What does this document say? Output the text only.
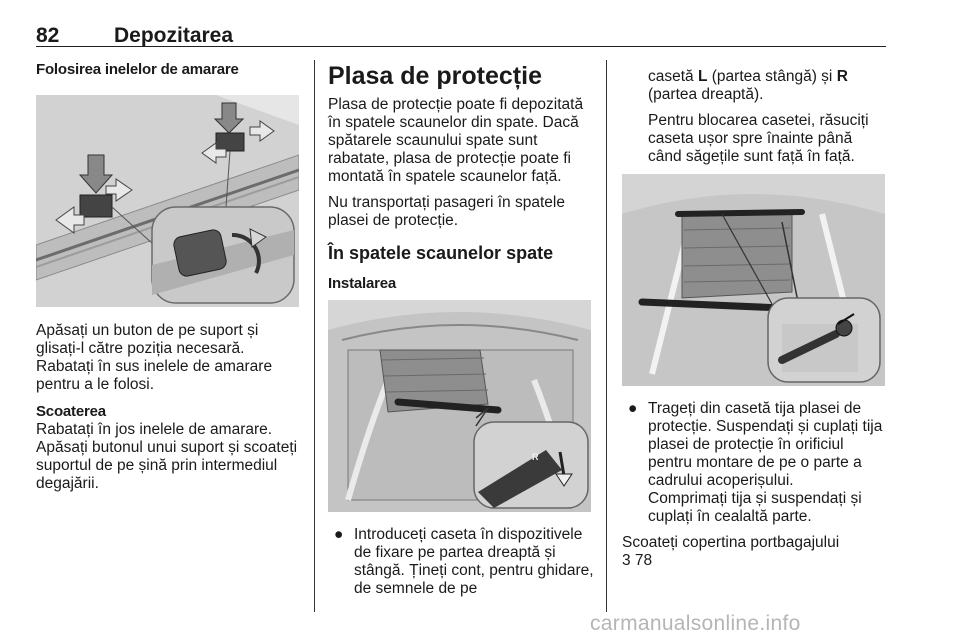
82	Depozitarea
Folosirea inelelor de amarare

Apăsați un buton de pe suport și glisați-l către poziția necesară. Rabatați în sus inelele de amarare pentru a le folosi.

Scoaterea

Rabatați în jos inelele de amarare. Apăsați butonul unui suport și scoateți suportul de pe șină prin intermediul degajării.

Plasa de protecție

Plasa de protecție poate fi depozitată în spatele scaunelor din spate. Dacă spătarele scaunului spate sunt rabatate, plasa de protecție poate fi montată în spatele scaunelor față.

Nu transportați pasageri în spatele plasei de protecție.

În spatele scaunelor spate
Instalarea
R
● Introduceți caseta în dispozitivele de fixare pe partea dreaptă și stângă. Țineți cont, pentru ghidare, de semnele de pe

casetă L (partea stângă) și R (partea dreaptă).

Pentru blocarea casetei, răsuciți caseta ușor spre înainte până când săgețile sunt față în față.

● Trageți din casetă tija plasei de protecție. Suspendați și cuplați tija plasei de protecție în orificiul pentru montare de pe o parte a cadrului acoperișului.
Comprimați tija și suspendați și cuplați în cealaltă parte.

Scoateți copertina portbagajului

3 78

carmanualsonline.info
